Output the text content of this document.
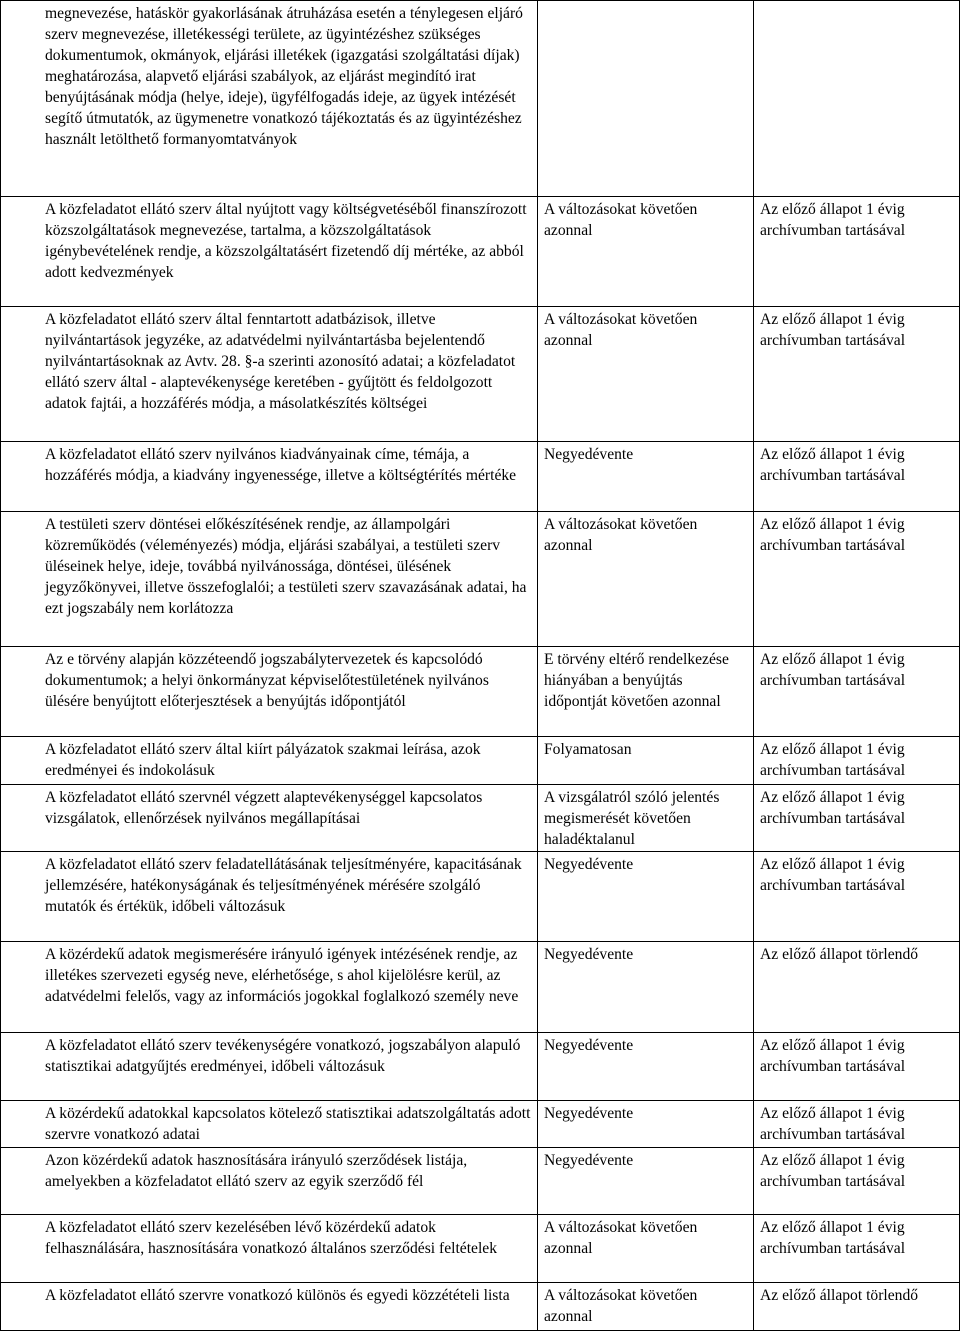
megnevezése, hatáskör gyakorlásának átruházása esetén a ténylegesen eljáró szerv megnevezése, illetékességi területe, az ügyintézéshez szükséges dokumentumok, okmányok, eljárási illetékek (igazgatási szolgáltatási díjak) meghatározása, alapvető eljárási szabályok, az eljárást megindító irat benyújtásának módja (helye, ideje), ügyfélfogadás ideje, az ügyek intézését segítő útmutatók, az ügymenetre vonatkozó tájékoztatás és az ügyintézéshez használt letölthető formanyomtatványok		

A közfeladatot ellátó szerv által nyújtott vagy költségvetéséből finanszírozott közszolgáltatások megnevezése, tartalma, a közszolgáltatások igénybevételének rendje, a közszolgáltatásért fizetendő díj mértéke, az abból adott kedvezmények	A változásokat követően azonnal	Az előző állapot 1 évig archívumban tartásával

A közfeladatot ellátó szerv által fenntartott adatbázisok, illetve nyilvántartások jegyzéke, az adatvédelmi nyilvántartásba bejelentendő nyilvántartásoknak az Avtv. 28. §-a szerinti azonosító adatai; a közfeladatot ellátó szerv által - alaptevékenysége keretében - gyűjtött és feldolgozott adatok fajtái, a hozzáférés módja, a másolatkészítés költségei	A változásokat követően azonnal	Az előző állapot 1 évig archívumban tartásával

A közfeladatot ellátó szerv nyilvános kiadványainak címe, témája, a hozzáférés módja, a kiadvány ingyenessége, illetve a költségtérítés mértéke	Negyedévente	Az előző állapot 1 évig archívumban tartásával

A testületi szerv döntései előkészítésének rendje, az állampolgári közreműködés (véleményezés) módja, eljárási szabályai, a testületi szerv üléseinek helye, ideje, továbbá nyilvánossága, döntései, ülésének jegyzőkönyvei, illetve összefoglalói; a testületi szerv szavazásának adatai, ha ezt jogszabály nem korlátozza	A változásokat követően azonnal	Az előző állapot 1 évig archívumban tartásával

Az e törvény alapján közzéteendő jogszabálytervezetek és kapcsolódó dokumentumok; a helyi önkormányzat képviselőtestületének nyilvános ülésére benyújtott előterjesztések a benyújtás időpontjától	E törvény eltérő rendelkezése hiányában a benyújtás időpontját követően azonnal	Az előző állapot 1 évig archívumban tartásával

A közfeladatot ellátó szerv által kiírt pályázatok szakmai leírása, azok eredményei és indokolásuk	Folyamatosan	Az előző állapot 1 évig archívumban tartásával

A közfeladatot ellátó szervnél végzett alaptevékenységgel kapcsolatos vizsgálatok, ellenőrzések nyilvános megállapításai	A vizsgálatról szóló jelentés megismerését követően haladéktalanul	Az előző állapot 1 évig archívumban tartásával

A közfeladatot ellátó szerv feladatellátásának teljesítményére, kapacitásának jellemzésére, hatékonyságának és teljesítményének mérésére szolgáló mutatók és értékük, időbeli változásuk	Negyedévente	Az előző állapot 1 évig archívumban tartásával

A közérdekű adatok megismerésére irányuló igények intézésének rendje, az illetékes szervezeti egység neve, elérhetősége, s ahol kijelölésre kerül, az adatvédelmi felelős, vagy az információs jogokkal foglalkozó személy neve	Negyedévente	Az előző állapot törlendő

A közfeladatot ellátó szerv tevékenységére vonatkozó, jogszabályon alapuló statisztikai adatgyűjtés eredményei, időbeli változásuk	Negyedévente	Az előző állapot 1 évig archívumban tartásával

A közérdekű adatokkal kapcsolatos kötelező statisztikai adatszolgáltatás adott szervre vonatkozó adatai	Negyedévente	Az előző állapot 1 évig archívumban tartásával

Azon közérdekű adatok hasznosítására irányuló szerződések listája, amelyekben a közfeladatot ellátó szerv az egyik szerződő fél	Negyedévente	Az előző állapot 1 évig archívumban tartásával

A közfeladatot ellátó szerv kezelésében lévő közérdekű adatok felhasználására, hasznosítására vonatkozó általános szerződési feltételek	A változásokat követően azonnal	Az előző állapot 1 évig archívumban tartásával

A közfeladatot ellátó szervre vonatkozó különös és egyedi közzétételi lista	A változásokat követően azonnal	Az előző állapot törlendő
